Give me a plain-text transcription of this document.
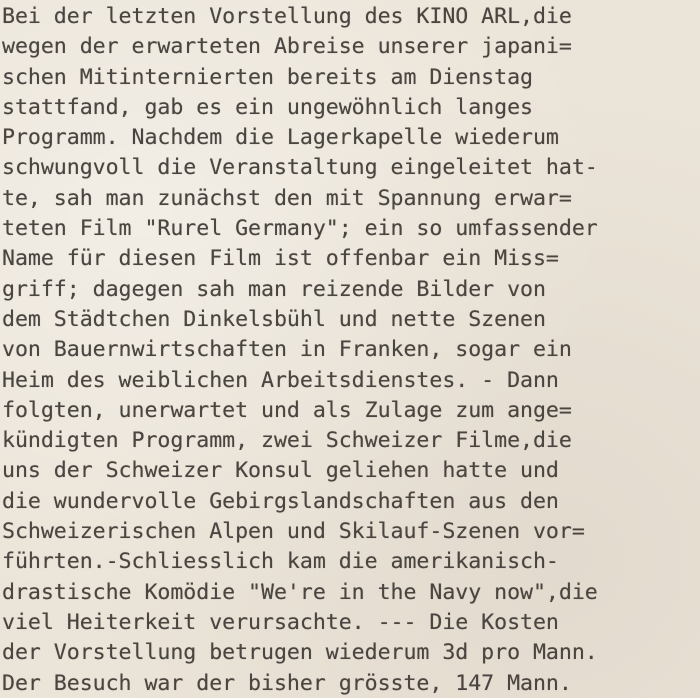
Bei der letzten Vorstellung des KINO ARL,die
wegen der erwarteten Abreise unserer japani=
schen Mitinternierten bereits am Dienstag
stattfand, gab es ein ungewöhnlich langes
Programm. Nachdem die Lagerkapelle wiederum
schwungvoll die Veranstaltung eingeleitet hat-
te, sah man zunächst den mit Spannung erwar=
teten Film "Rurel Germany"; ein so umfassender
Name für diesen Film ist offenbar ein Miss=
griff; dagegen sah man reizende Bilder von
dem Städtchen Dinkelsbühl und nette Szenen
von Bauernwirtschaften in Franken, sogar ein
Heim des weiblichen Arbeitsdienstes. - Dann
folgten, unerwartet und als Zulage zum ange=
kündigten Programm, zwei Schweizer Filme,die
uns der Schweizer Konsul geliehen hatte und
die wundervolle Gebirgslandschaften aus den
Schweizerischen Alpen und Skilauf-Szenen vor=
führten.-Schliesslich kam die amerikanisch-
drastische Komödie "We're in the Navy now",die
viel Heiterkeit verursachte. --- Die Kosten
der Vorstellung betrugen wiederum 3d pro Mann.
Der Besuch war der bisher grösste, 147 Mann.
